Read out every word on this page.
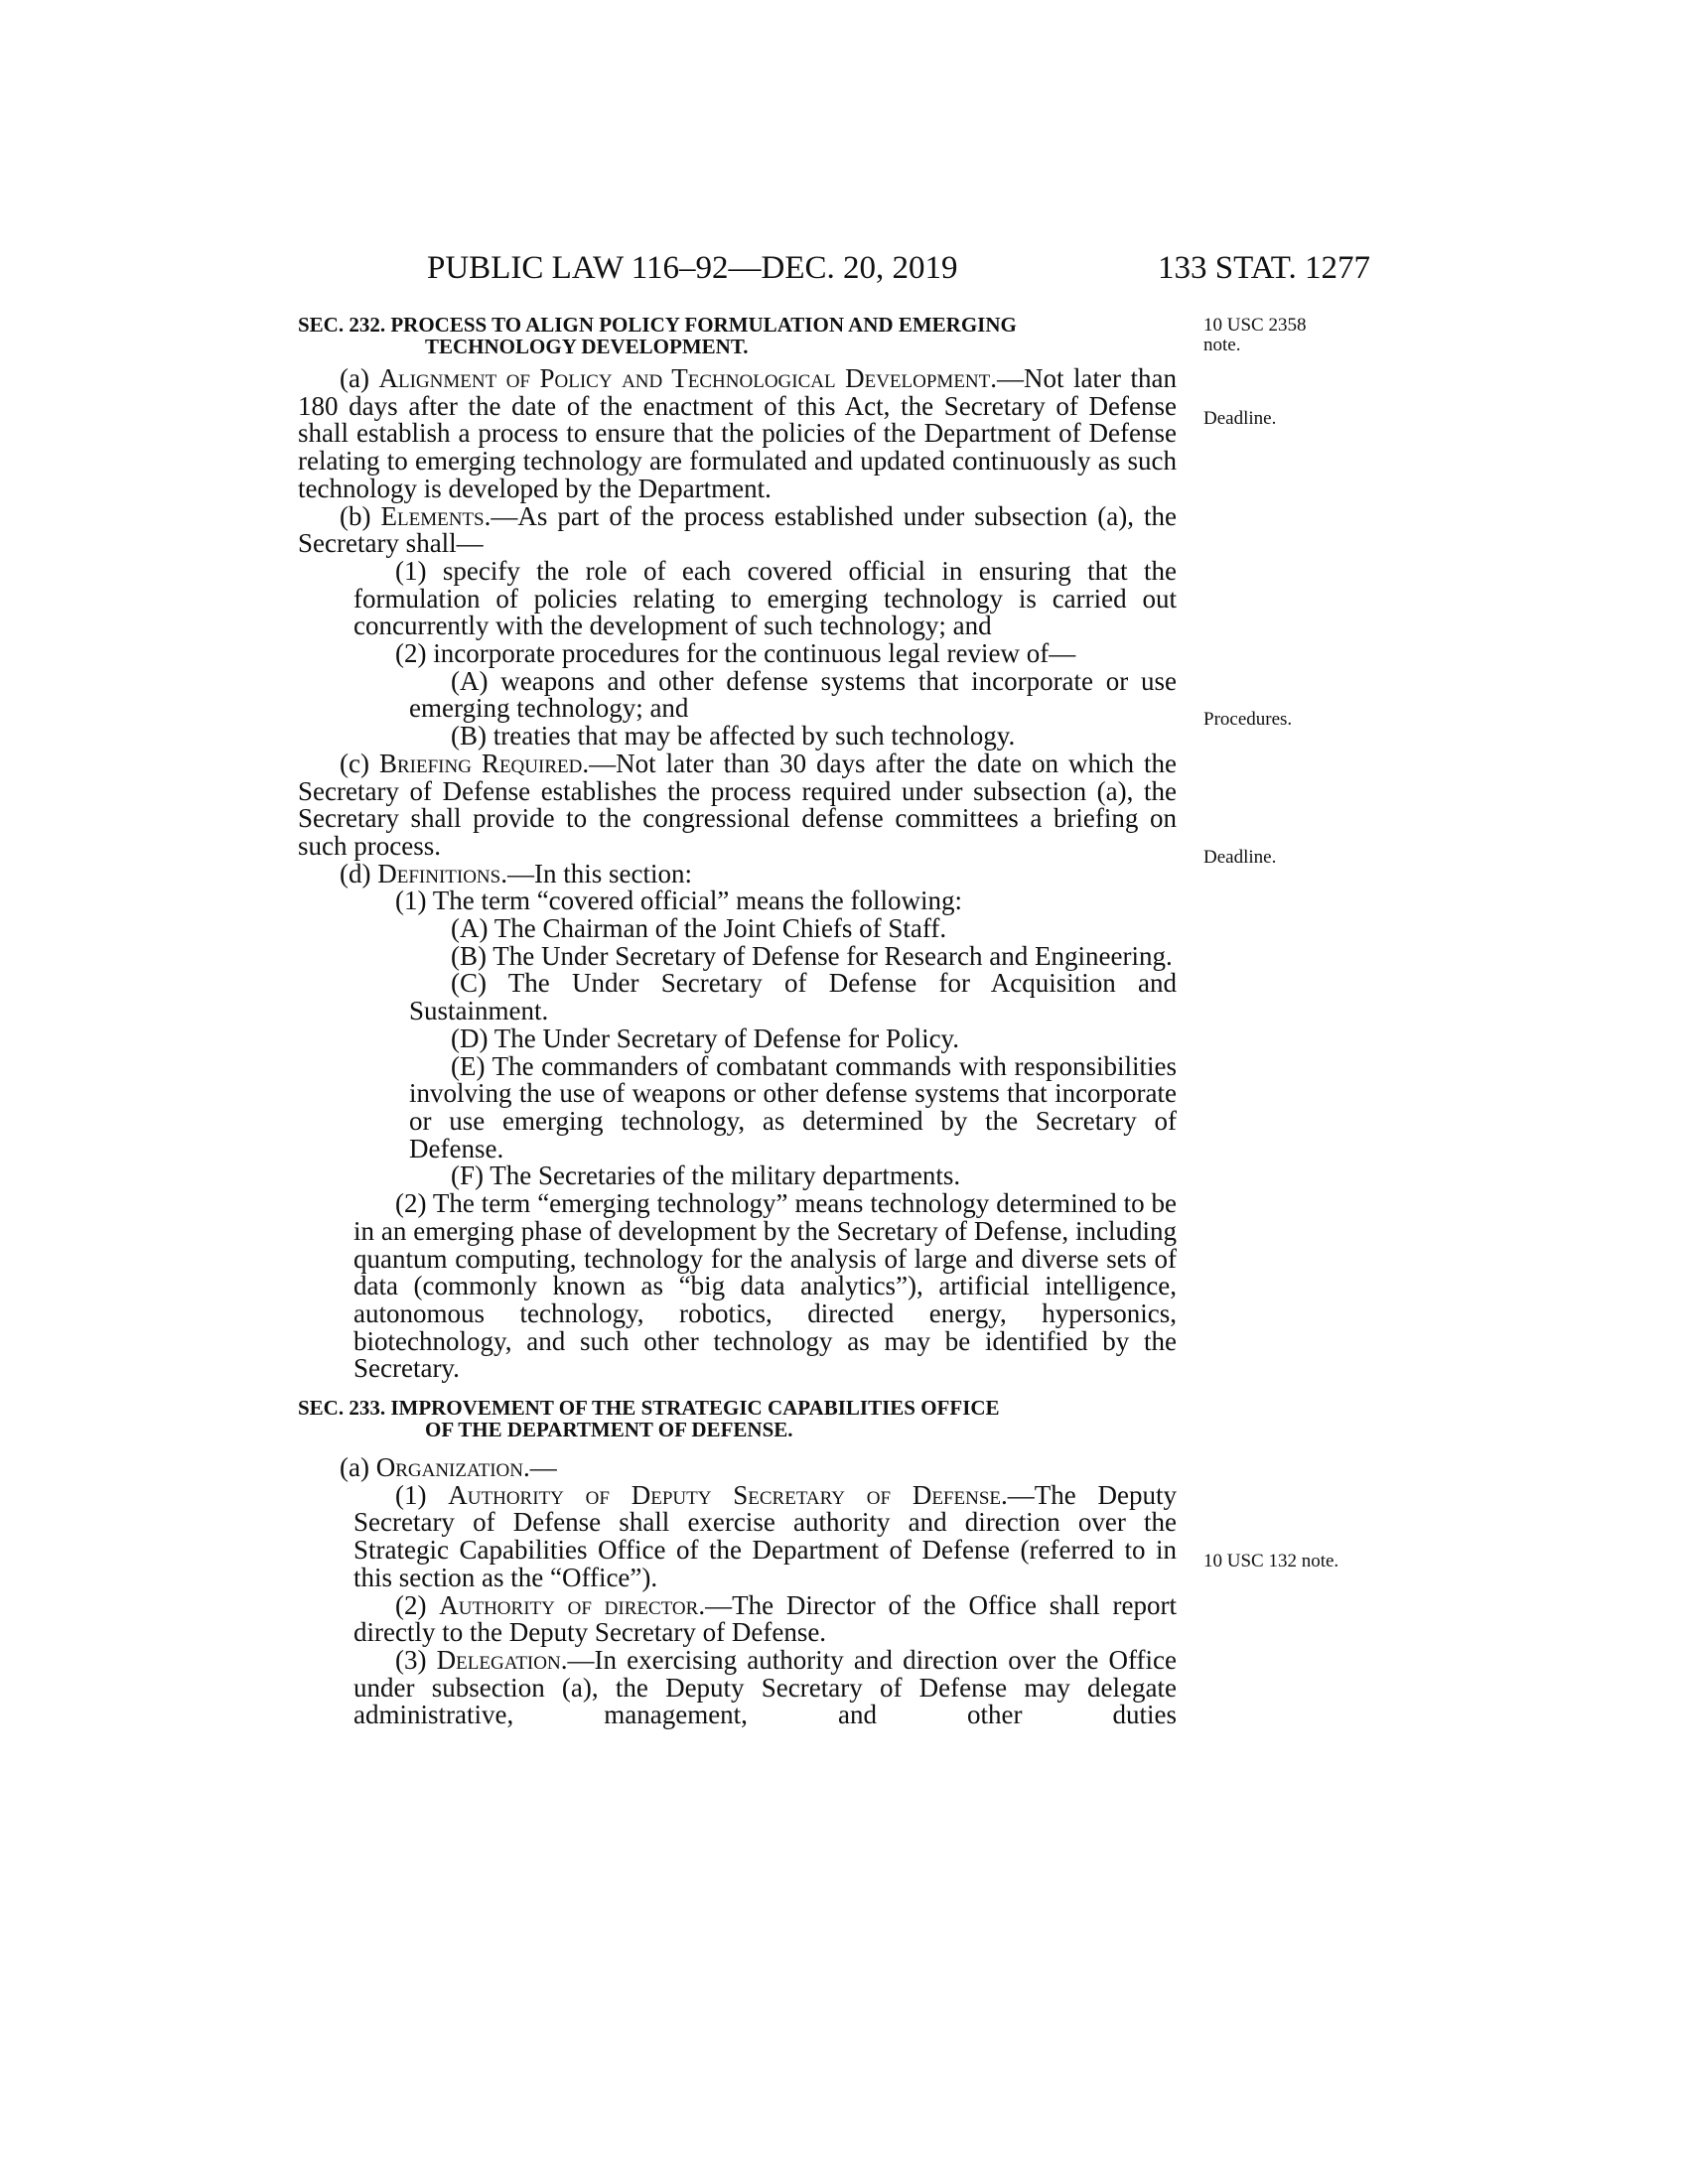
PUBLIC LAW 116–92—DEC. 20, 2019	133 STAT. 1277
10 USC 2358
note.
Deadline.
Procedures.
Deadline.
10 USC 132 note.
SEC. 232. PROCESS TO ALIGN POLICY FORMULATION AND EMERGING
TECHNOLOGY DEVELOPMENT.

(a) Alignment of Policy and Technological Development.—Not later than 180 days after the date of the enactment of this Act, the Secretary of Defense shall establish a process to ensure that the policies of the Department of Defense relating to emerging technology are formulated and updated continuously as such technology is developed by the Department.

(b) Elements.—As part of the process established under subsection (a), the Secretary shall—

(1) specify the role of each covered official in ensuring that the formulation of policies relating to emerging technology is carried out concurrently with the development of such technology; and

(2) incorporate procedures for the continuous legal review of—

(A) weapons and other defense systems that incorporate or use emerging technology; and

(B) treaties that may be affected by such technology.

(c) Briefing Required.—Not later than 30 days after the date on which the Secretary of Defense establishes the process required under subsection (a), the Secretary shall provide to the congressional defense committees a briefing on such process.

(d) Definitions.—In this section:

(1) The term “covered official” means the following:

(A) The Chairman of the Joint Chiefs of Staff.

(B) The Under Secretary of Defense for Research and Engineering.

(C) The Under Secretary of Defense for Acquisition and Sustainment.

(D) The Under Secretary of Defense for Policy.

(E) The commanders of combatant commands with responsibilities involving the use of weapons or other defense systems that incorporate or use emerging technology, as determined by the Secretary of Defense.

(F) The Secretaries of the military departments.

(2) The term “emerging technology” means technology determined to be in an emerging phase of development by the Secretary of Defense, including quantum computing, technology for the analysis of large and diverse sets of data (commonly known as “big data analytics”), artificial intelligence, autonomous technology, robotics, directed energy, hypersonics, biotechnology, and such other technology as may be identified by the Secretary.

SEC. 233. IMPROVEMENT OF THE STRATEGIC CAPABILITIES OFFICE
OF THE DEPARTMENT OF DEFENSE.

(a) Organization.—

(1) Authority of Deputy Secretary of Defense.—The Deputy Secretary of Defense shall exercise authority and direction over the Strategic Capabilities Office of the Department of Defense (referred to in this section as the “Office”).

(2) Authority of director.—The Director of the Office shall report directly to the Deputy Secretary of Defense.

(3) Delegation.—In exercising authority and direction over the Office under subsection (a), the Deputy Secretary of Defense may delegate administrative, management, and other duties
